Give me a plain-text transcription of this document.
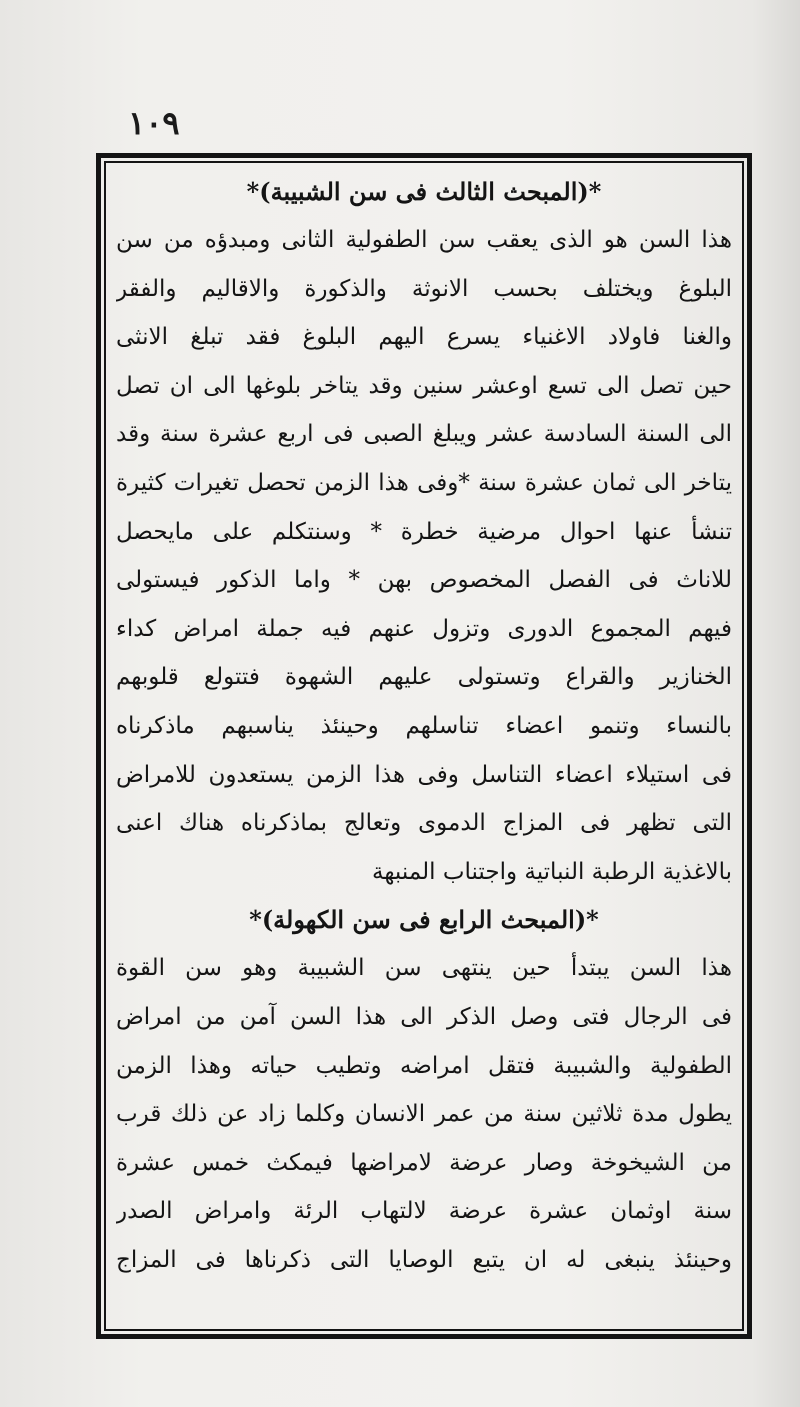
١٠٩
*(المبحث الثالث فى سن الشبيبة)*
هذا السن هو الذى يعقب سن الطفولية الثانى ومبدؤه من سن
البلوغ ويختلف بحسب الانوثة والذكورة والاقاليم والفقر
والغنا فاولاد الاغنياء يسرع اليهم البلوغ فقد تبلغ الانثى
حين تصل الى تسع اوعشر سنين وقد يتاخر بلوغها الى ان تصل
الى السنة السادسة عشر ويبلغ الصبى فى اربع عشرة سنة وقد
يتاخر الى ثمان عشرة سنة *وفى هذا الزمن تحصل تغيرات كثيرة
تنشأ عنها احوال مرضية خطرة * وسنتكلم على مايحصل
للاناث فى الفصل المخصوص بهن * واما الذكور فيستولى
فيهم المجموع الدورى وتزول عنهم فيه جملة امراض كداء
الخنازير والقراع وتستولى عليهم الشهوة فتتولع قلوبهم
بالنساء وتنمو اعضاء تناسلهم وحينئذ يناسبهم ماذكرناه
فى استيلاء اعضاء التناسل وفى هذا الزمن يستعدون للامراض
التى تظهر فى المزاج الدموى وتعالج بماذكرناه هناك اعنى
بالاغذية الرطبة النباتية واجتناب المنبهة
*(المبحث الرابع فى سن الكهولة)*
هذا السن يبتدأ حين ينتهى سن الشبيبة وهو سن القوة
فى الرجال فتى وصل الذكر الى هذا السن آمن من امراض
الطفولية والشبيبة فتقل امراضه وتطيب حياته وهذا الزمن
يطول مدة ثلاثين سنة من عمر الانسان وكلما زاد عن ذلك قرب
من الشيخوخة وصار عرضة لامراضها فيمكث خمس عشرة
سنة اوثمان عشرة عرضة لالتهاب الرئة وامراض الصدر
وحينئذ ينبغى له ان يتبع الوصايا التى ذكرناها فى المزاج
